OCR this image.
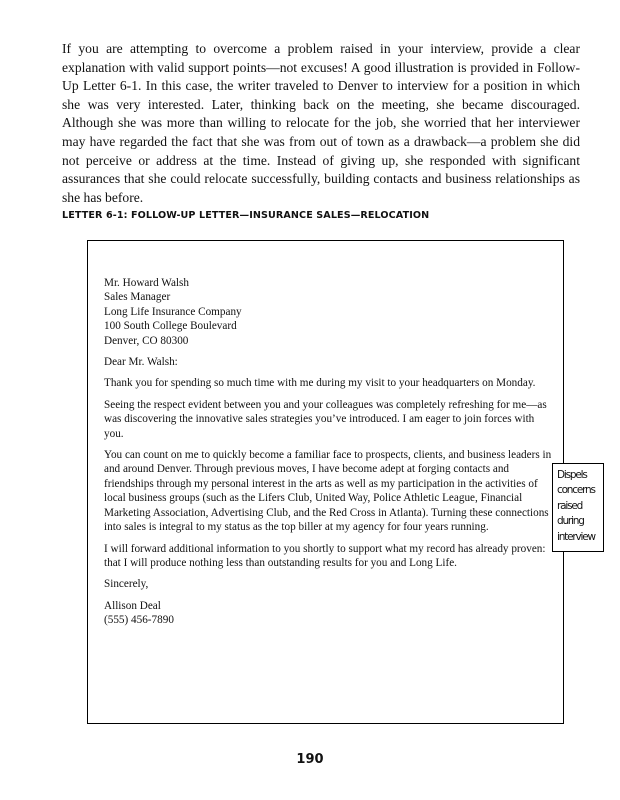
If you are attempting to overcome a problem raised in your interview, provide a clear explanation with valid support points—not excuses! A good illustration is provided in Follow-Up Letter 6-1. In this case, the writer traveled to Denver to interview for a position in which she was very interested. Later, thinking back on the meeting, she became discouraged. Although she was more than willing to relocate for the job, she worried that her interviewer may have regarded the fact that she was from out of town as a drawback—a problem she did not perceive or address at the time. Instead of giving up, she responded with significant assurances that she could relocate successfully, building contacts and business relationships as she has before.

LETTER 6-1: FOLLOW-UP LETTER—INSURANCE SALES—RELOCATION

Mr. Howard Walsh
Sales Manager
Long Life Insurance Company
100 South College Boulevard
Denver, CO 80300

Dear Mr. Walsh:

Thank you for spending so much time with me during my visit to your headquarters on Monday.

Seeing the respect evident between you and your colleagues was completely refreshing for me—as was discovering the innovative sales strategies you’ve introduced. I am eager to join forces with you.

You can count on me to quickly become a familiar face to prospects, clients, and business leaders in and around Denver. Through previous moves, I have become adept at forging contacts and friendships through my personal interest in the arts as well as my participation in the activities of local business groups (such as the Lifers Club, United Way, Police Athletic League, Financial Marketing Association, Advertising Club, and the Red Cross in Atlanta). Turning these connections into sales is integral to my status as the top biller at my agency for four years running.

I will forward additional information to you shortly to support what my record has already proven: that I will produce nothing less than outstanding results for you and Long Life.

Sincerely,

Allison Deal
(555) 456-7890

Dispels
concerns
raised
during
interview
190
